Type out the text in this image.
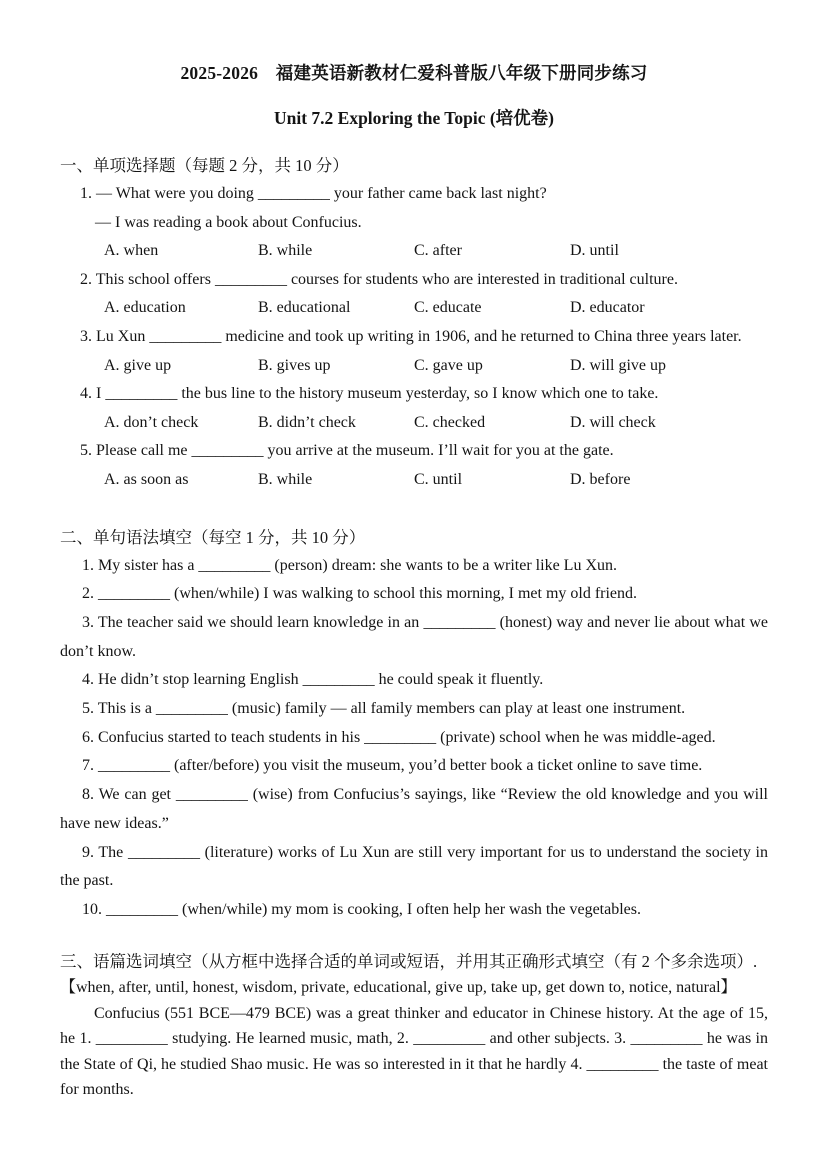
2025-2026　福建英语新教材仁爱科普版八年级下册同步练习
Unit 7.2 Exploring the Topic (培优卷)
一、单项选择题（每题 2 分，共 10 分）
1. — What were you doing _________ your father came back last night?
— I was reading a book about Confucius.
A. when	B. while	C. after	D. until
2. This school offers _________ courses for students who are interested in traditional culture.
A. education	B. educational	C. educate	D. educator
3. Lu Xun _________ medicine and took up writing in 1906, and he returned to China three years later.
A. give up	B. gives up	C. gave up	D. will give up
4. I _________ the bus line to the history museum yesterday, so I know which one to take.
A. don’t check	B. didn’t check	C. checked	D. will check
5. Please call me _________ you arrive at the museum. I’ll wait for you at the gate.
A. as soon as	B. while	C. until	D. before
二、单句语法填空（每空 1 分，共 10 分）

1. My sister has a _________ (person) dream: she wants to be a writer like Lu Xun.

2. _________ (when/while) I was walking to school this morning, I met my old friend.

3. The teacher said we should learn knowledge in an _________ (honest) way and never lie about what we don’t know.

4. He didn’t stop learning English _________ he could speak it fluently.

5. This is a _________ (music) family — all family members can play at least one instrument.

6. Confucius started to teach students in his _________ (private) school when he was middle-aged.

7. _________ (after/before) you visit the museum, you’d better book a ticket online to save time.

8. We can get _________ (wise) from Confucius’s sayings, like “Review the old knowledge and you will have new ideas.”

9. The _________ (literature) works of Lu Xun are still very important for us to understand the society in the past.

10. _________ (when/while) my mom is cooking, I often help her wash the vegetables.

三、语篇选词填空（从方框中选择合适的单词或短语，并用其正确形式填空（有 2 个多余选项）.
【when, after, until, honest, wisdom, private, educational, give up, take up, get down to, notice, natural】

Confucius (551 BCE—479 BCE) was a great thinker and educator in Chinese history. At the age of 15, he 1. _________ studying. He learned music, math, 2. _________ and other subjects. 3. _________ he was in the State of Qi, he studied Shao music. He was so interested in it that he hardly 4. _________ the taste of meat for months.
